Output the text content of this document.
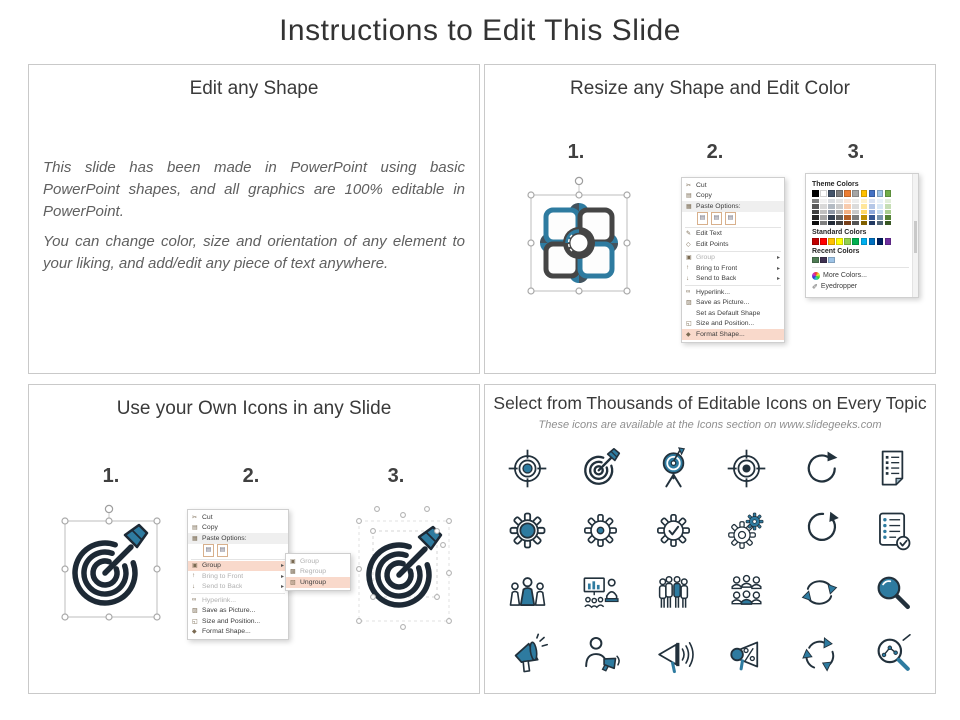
Instructions to Edit This Slide
Edit any Shape
This slide has been made in PowerPoint using basic PowerPoint shapes, and all graphics are 100% editable in PowerPoint.
You can change color, size and orientation of any element to your liking, and add/edit any piece of text anywhere.
Resize any Shape and Edit Color
1.	2.	3.
✂ Cut
▤ Copy
▦ Paste Options:
▤	▤	▤
✎ Edit Text
◇ Edit Points
▣ Group	▸
↑	Bring to Front	▸
↓	Send to Back	▸
∞ Hyperlink...
▨ Save as Picture...
Set as Default Shape
◱ Size and Position...
◆ Format Shape...
Theme Colors
Standard Colors
Recent Colors
More Colors...
✐ Eyedropper
Use your Own Icons in any Slide
1.	2.	3.
✂ Cut
▤ Copy
▦ Paste Options:
▤	▤
▣ Group	▸
↑	Bring to Front	▸
↓	Send to Back	▸
∞ Hyperlink...
▨ Save as Picture...
◱ Size and Position...
◆ Format Shape...
▣ Group
▩ Regroup
▧ Ungroup
Select from Thousands of Editable Icons on Every Topic
These icons are available at the Icons section on www.slidegeeks.com
